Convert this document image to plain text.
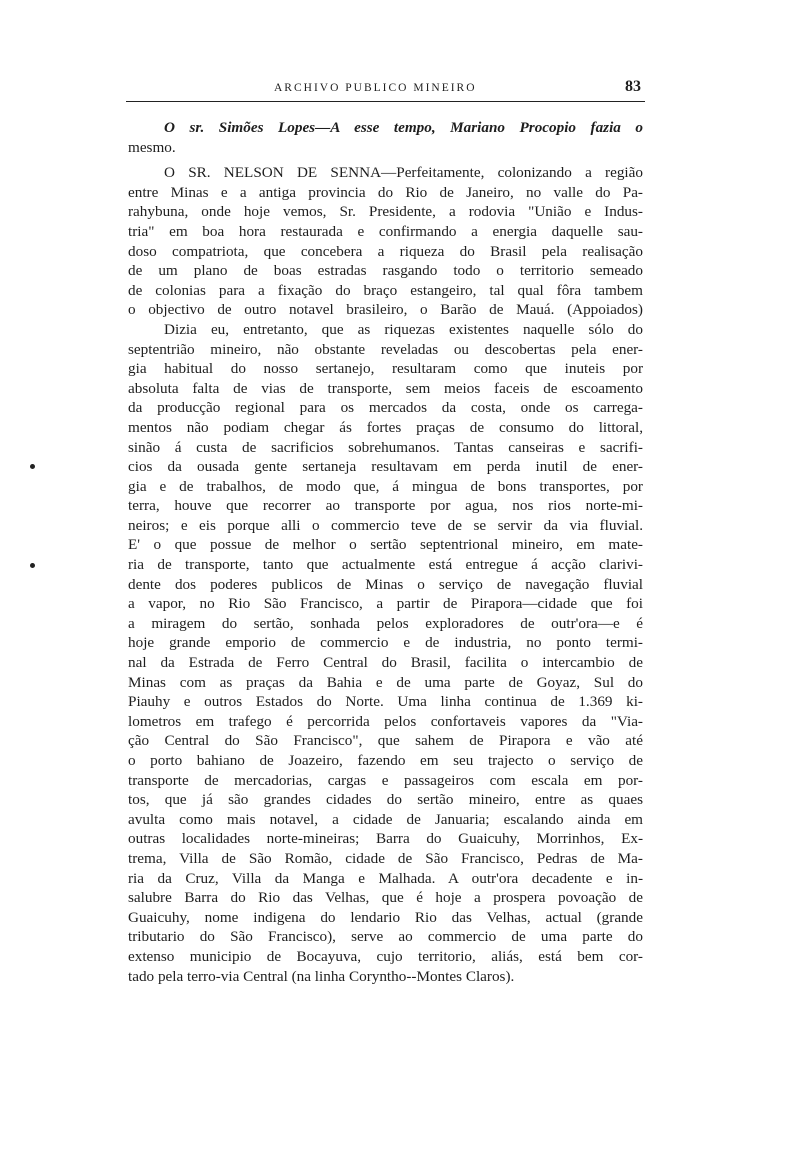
ARCHIVO PUBLICO MINEIRO	83
O sr. Simões Lopes—A esse tempo, Mariano Procopio fazia o
mesmo.
O SR. NELSON DE SENNA—Perfeitamente, colonizando a região
entre Minas e a antiga provincia do Rio de Janeiro, no valle do Pa-
rahybuna, onde hoje vemos, Sr. Presidente, a rodovia "União e Indus-
tria" em boa hora restaurada e confirmando a energia daquelle sau-
doso compatriota, que concebera a riqueza do Brasil pela realisação
de um plano de boas estradas rasgando todo o territorio semeado
de colonias para a fixação do braço estangeiro, tal qual fôra tambem
o objectivo de outro notavel brasileiro, o Barão de Mauá. (Appoiados)
Dizia eu, entretanto, que as riquezas existentes naquelle sólo do
septentrião mineiro, não obstante reveladas ou descobertas pela ener-
gia habitual do nosso sertanejo, resultaram como que inuteis por
absoluta falta de vias de transporte, sem meios faceis de escoamento
da producção regional para os mercados da costa, onde os carrega-
mentos não podiam chegar ás fortes praças de consumo do littoral,
sinão á custa de sacrificios sobrehumanos. Tantas canseiras e sacrifi-
cios da ousada gente sertaneja resultavam em perda inutil de ener-
gia e de trabalhos, de modo que, á mingua de bons transportes, por
terra, houve que recorrer ao transporte por agua, nos rios norte-mi-
neiros; e eis porque alli o commercio teve de se servir da via fluvial.
E' o que possue de melhor o sertão septentrional mineiro, em mate-
ria de transporte, tanto que actualmente está entregue á acção clarivi-
dente dos poderes publicos de Minas o serviço de navegação fluvial
a vapor, no Rio São Francisco, a partir de Pirapora—cidade que foi
a miragem do sertão, sonhada pelos exploradores de outr'ora—e é
hoje grande emporio de commercio e de industria, no ponto termi-
nal da Estrada de Ferro Central do Brasil, facilita o intercambio de
Minas com as praças da Bahia e de uma parte de Goyaz, Sul do
Piauhy e outros Estados do Norte. Uma linha continua de 1.369 ki-
lometros em trafego é percorrida pelos confortaveis vapores da "Via-
ção Central do São Francisco", que sahem de Pirapora e vão até
o porto bahiano de Joazeiro, fazendo em seu trajecto o serviço de
transporte de mercadorias, cargas e passageiros com escala em por-
tos, que já são grandes cidades do sertão mineiro, entre as quaes
avulta como mais notavel, a cidade de Januaria; escalando ainda em
outras localidades norte-mineiras; Barra do Guaicuhy, Morrinhos, Ex-
trema, Villa de São Romão, cidade de São Francisco, Pedras de Ma-
ria da Cruz, Villa da Manga e Malhada. A outr'ora decadente e in-
salubre Barra do Rio das Velhas, que é hoje a prospera povoação de
Guaicuhy, nome indigena do lendario Rio das Velhas, actual (grande
tributario do São Francisco), serve ao commercio de uma parte do
extenso municipio de Bocayuva, cujo territorio, aliás, está bem cor-
tado pela terro-via Central (na linha Coryntho--Montes Claros).
